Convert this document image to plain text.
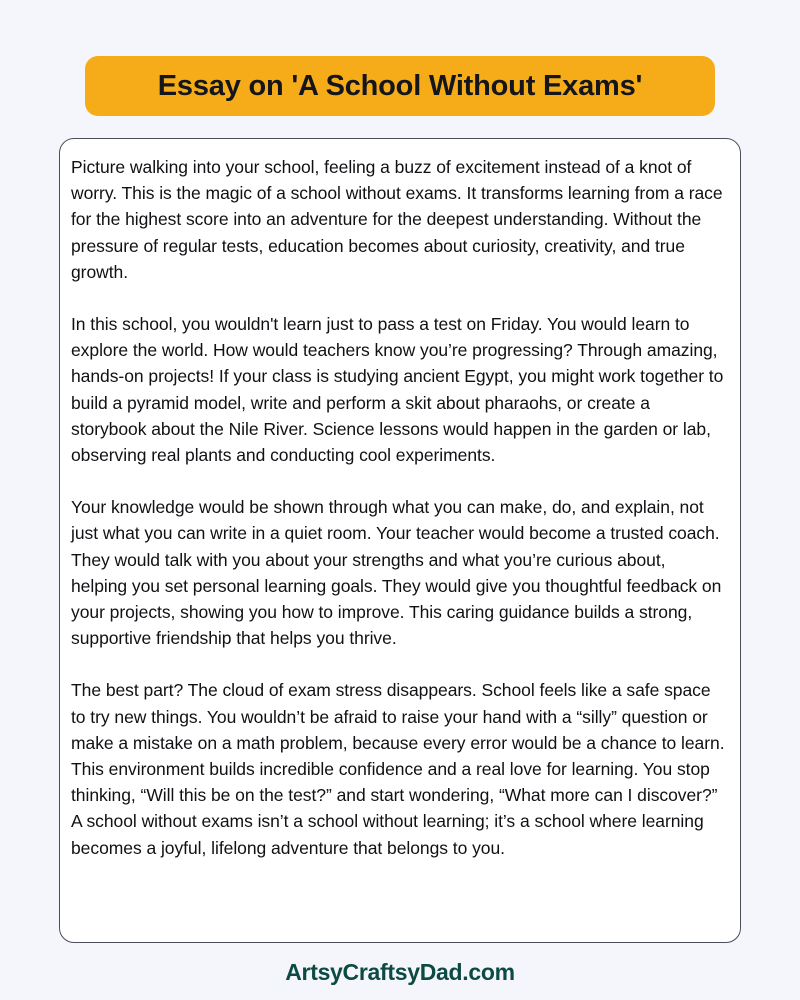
Essay on 'A School Without Exams'

Picture walking into your school, feeling a buzz of excitement instead of a knot of worry. This is the magic of a school without exams. It transforms learning from a race for the highest score into an adventure for the deepest understanding. Without the pressure of regular tests, education becomes about curiosity, creativity, and true growth.

In this school, you wouldn't learn just to pass a test on Friday. You would learn to explore the world. How would teachers know you’re progressing? Through amazing, hands-on projects! If your class is studying ancient Egypt, you might work together to build a pyramid model, write and perform a skit about pharaohs, or create a storybook about the Nile River. Science lessons would happen in the garden or lab, observing real plants and conducting cool experiments.

Your knowledge would be shown through what you can make, do, and explain, not just what you can write in a quiet room. Your teacher would become a trusted coach. They would talk with you about your strengths and what you’re curious about, helping you set personal learning goals. They would give you thoughtful feedback on your projects, showing you how to improve. This caring guidance builds a strong, supportive friendship that helps you thrive.

The best part? The cloud of exam stress disappears. School feels like a safe space to try new things. You wouldn’t be afraid to raise your hand with a “silly” question or make a mistake on a math problem, because every error would be a chance to learn. This environment builds incredible confidence and a real love for learning. You stop thinking, “Will this be on the test?” and start wondering, “What more can I discover?” A school without exams isn’t a school without learning; it’s a school where learning becomes a joyful, lifelong adventure that belongs to you.

ArtsyCraftsyDad.com
